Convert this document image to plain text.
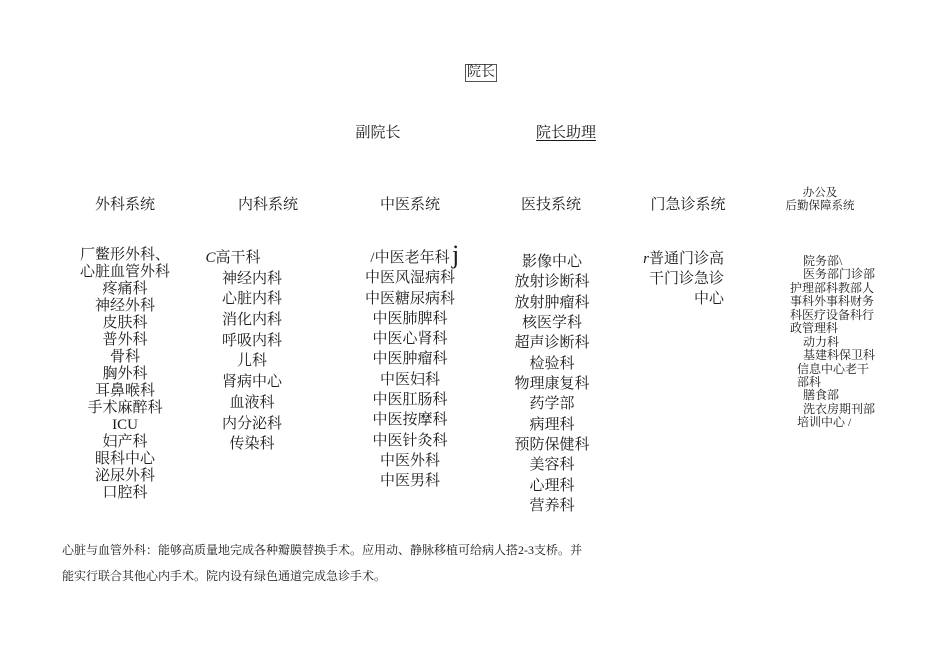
院长
副院长	院长助理
外科系统	内科系统	中医系统	医技系统	门急诊系统
办公及
后勤保障系统
厂鳖形外科、
心脏血管外科
疼痛科
神经外科
皮肤科
普外科
骨科
胸外科
耳鼻喉科
手术麻醉科
ICU
妇产科
眼科中心
泌尿外科
口腔科
C高干科
神经内科
心脏内科
消化内科
呼吸内科
儿科
肾病中心
血液科
内分泌科
传染科
/中医老年科
中医风湿病科
中医糖尿病科
中医肺脾科
中医心肾科
中医肿瘤科
中医妇科
中医肛肠科
中医按摩科
中医针灸科
中医外科
中医男科
j	影像中心
放射诊断科
放射肿瘤科
核医学科
超声诊断科
检验科
物理康复科
药学部
病理科
预防保健科
美容科
心理科
营养科
r普通门诊高
干门诊急诊
中心
院务部\
医务部门诊部
护理部科教部人
事科外事科财务
科医疗设备科行
政管理科
动力科
基建科保卫科
信息中心老干
部科
膳食部
洗衣房期刊部
培训中心 /
心脏与血管外科：能够高质量地完成各种瓣膜替换手术。应用动、静脉移植可给病人搭2-3支桥。并
能实行联合其他心内手术。院内设有绿色通道完成急诊手术。
